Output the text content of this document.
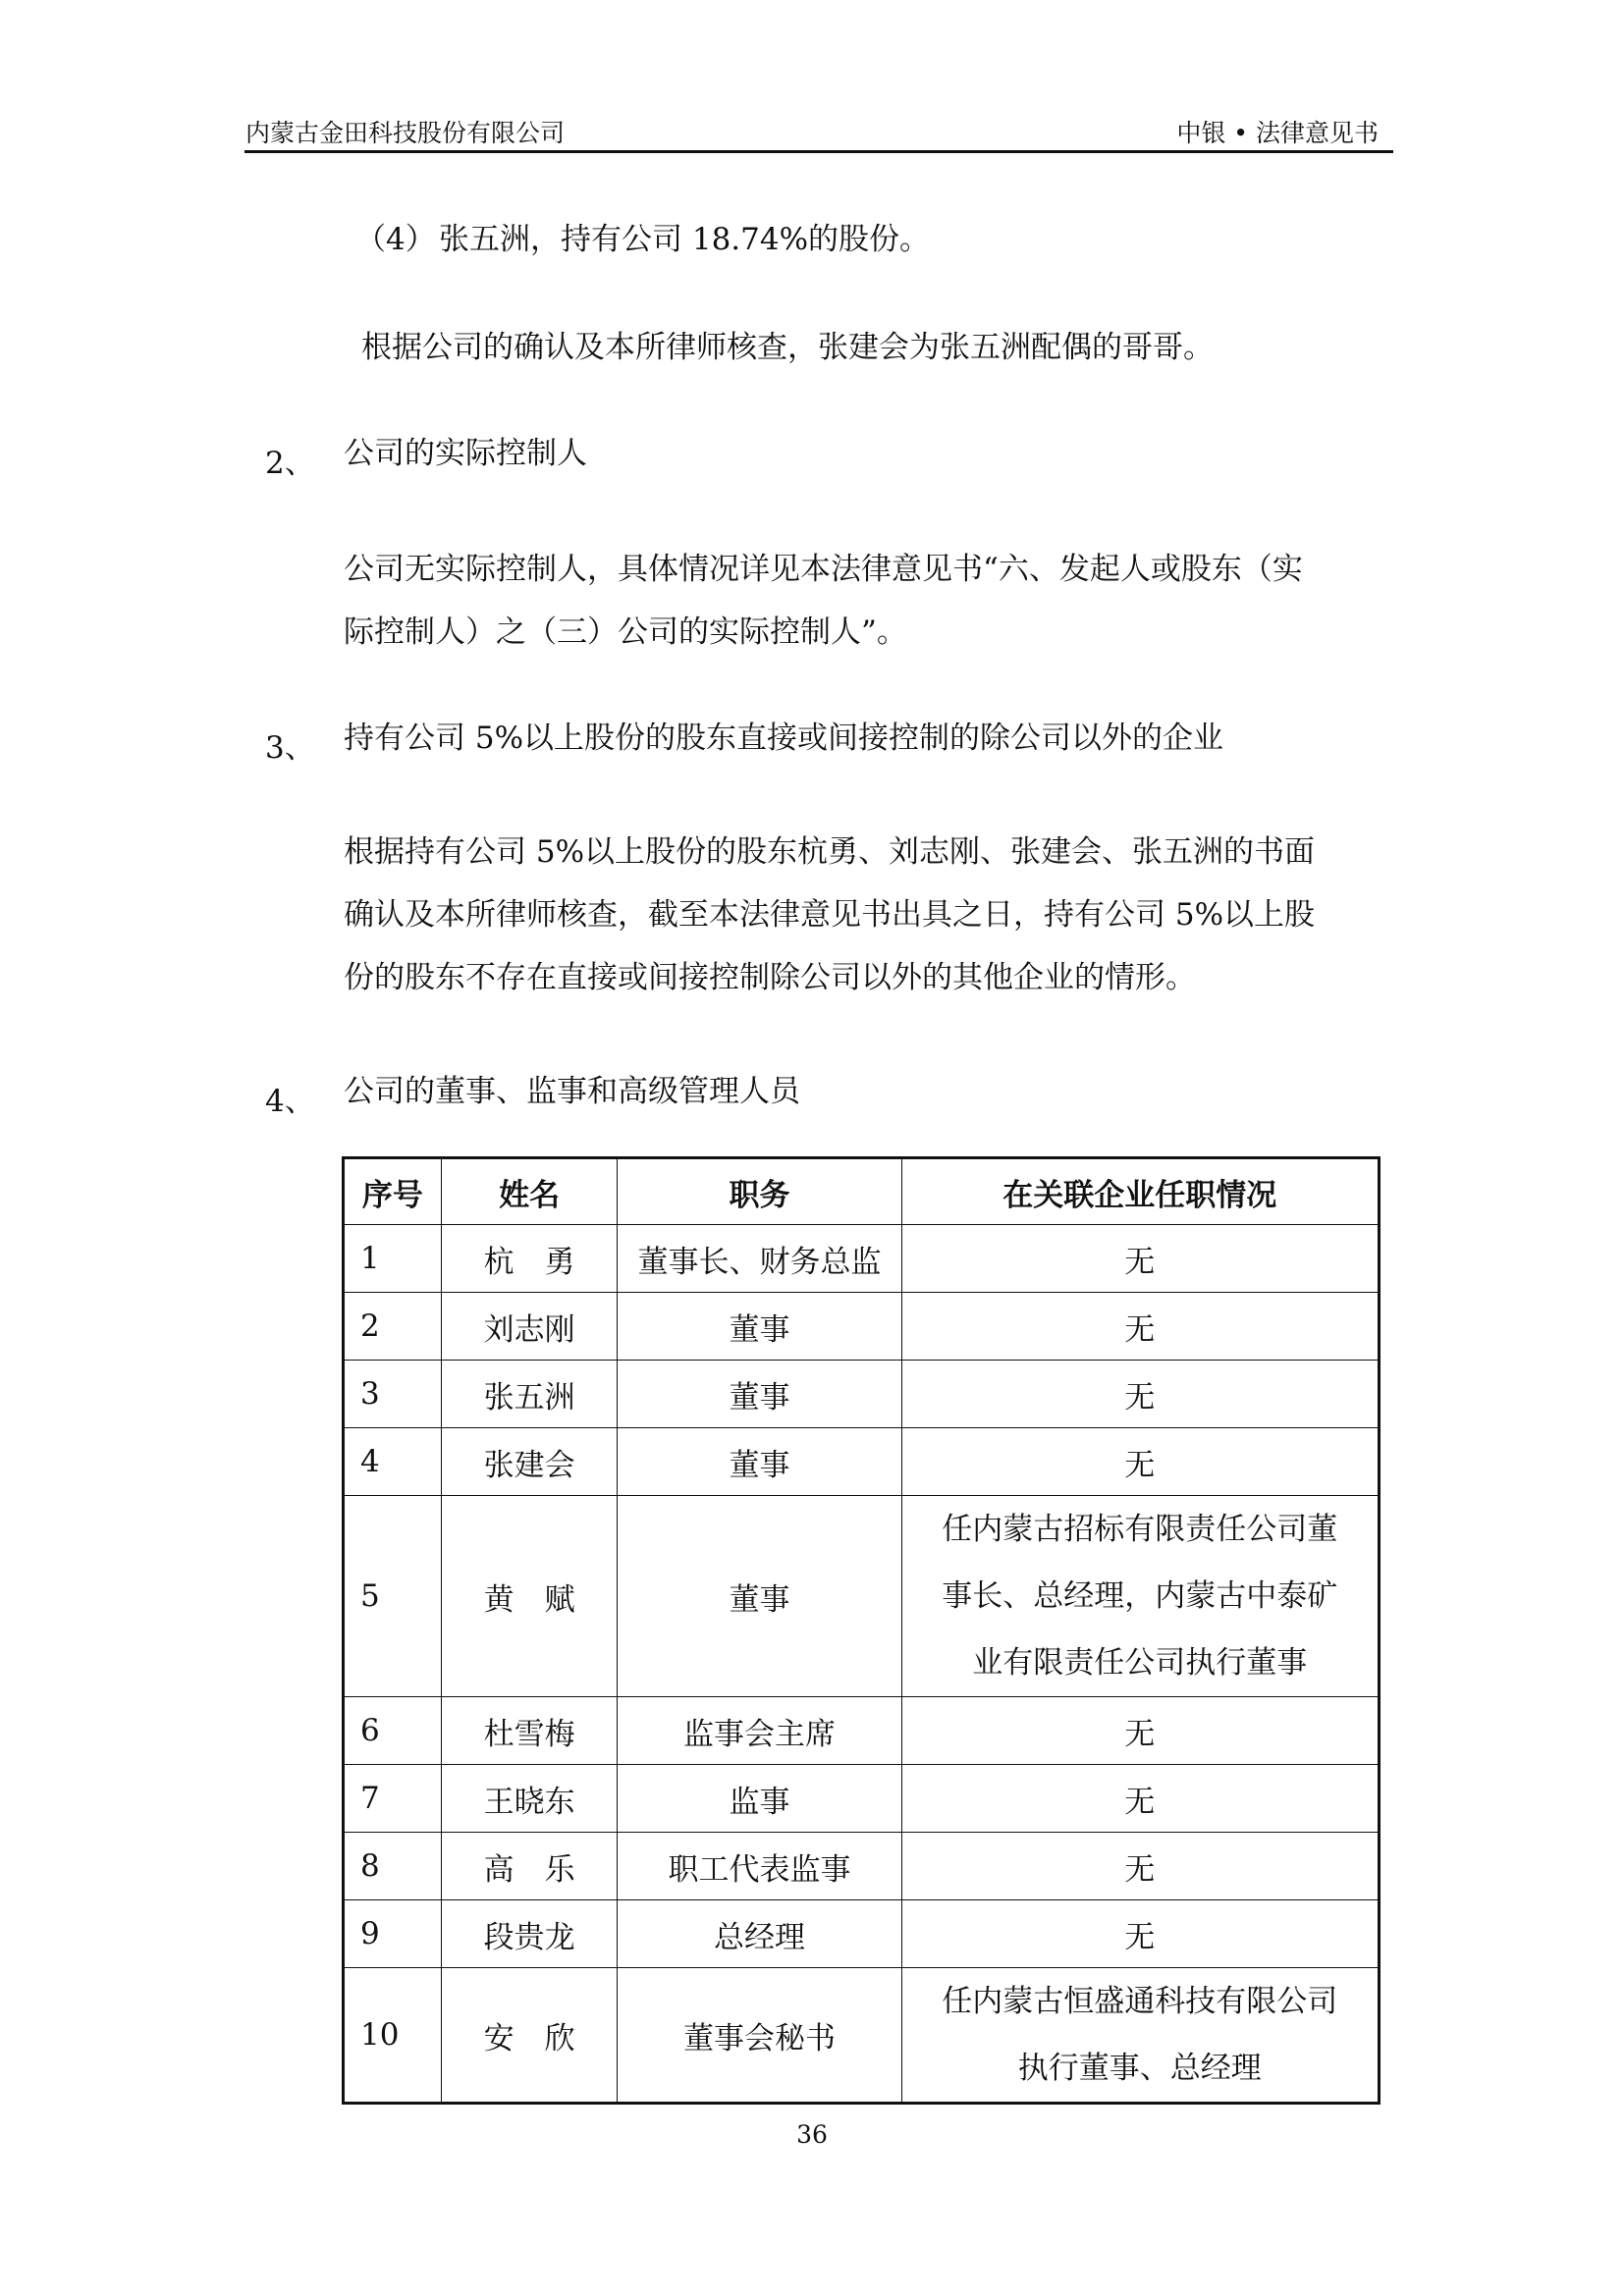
内蒙古金田科技股份有限公司	中银 • 法律意见书
（4） 张五洲，持有公司 18.74%的股份。
根据公司的确认及本所律师核查，张建会为张五洲配偶的哥哥。
2、 公司的实际控制人
公司无实际控制人，具体情况详见本法律意见书“六、发起人或股东（实
际控制人）之（三）公司的实际控制人”。
3、 持有公司 5%以上股份的股东直接或间接控制的除公司以外的企业
根据持有公司 5%以上股份的股东杭勇、刘志刚、张建会、张五洲的书面
确认及本所律师核查，截至本法律意见书出具之日，持有公司 5%以上股
份的股东不存在直接或间接控制除公司以外的其他企业的情形。
4、 公司的董事、监事和高级管理人员
序号	姓名	职务	在关联企业任职情况
1	杭　勇	董事长、财务总监	无
2	刘志刚	董事	无
3	张五洲	董事	无
4	张建会	董事	无
5	黄　赋	董事	任内蒙古招标有限责任公司董
事长、总经理，内蒙古中泰矿
业有限责任公司执行董事

6	杜雪梅	监事会主席	无
7	王晓东	监事	无
8	高　乐	职工代表监事	无
9	段贵龙	总经理	无
10	安　欣	董事会秘书	任内蒙古恒盛通科技有限公司
执行董事、总经理
36
